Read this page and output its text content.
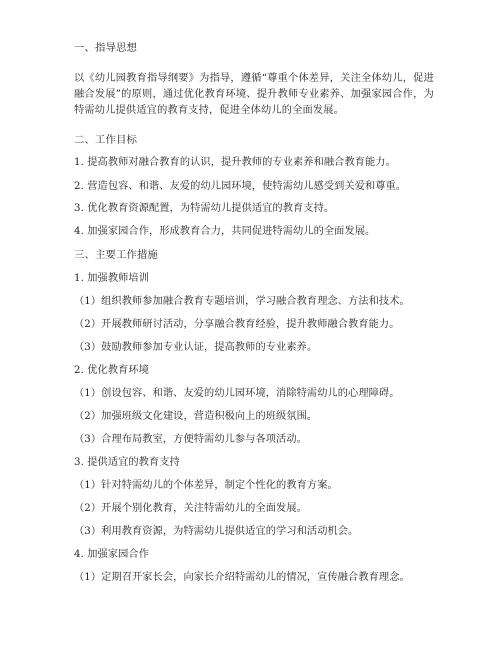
一、指导思想
以《幼儿园教育指导纲要》为指导，遵循“尊重个体差异，关注全体幼儿，促进融合发展”的原则，通过优化教育环境、提升教师专业素养、加强家园合作，为特需幼儿提供适宜的教育支持，促进全体幼儿的全面发展。
二、工作目标
1. 提高教师对融合教育的认识，提升教师的专业素养和融合教育能力。
2. 营造包容、和谐、友爱的幼儿园环境，使特需幼儿感受到关爱和尊重。
3. 优化教育资源配置，为特需幼儿提供适宜的教育支持。
4. 加强家园合作，形成教育合力，共同促进特需幼儿的全面发展。
三、主要工作措施
1. 加强教师培训
（1）组织教师参加融合教育专题培训，学习融合教育理念、方法和技术。
（2）开展教师研讨活动，分享融合教育经验，提升教师融合教育能力。
（3）鼓励教师参加专业认证，提高教师的专业素养。
2. 优化教育环境
（1）创设包容、和谐、友爱的幼儿园环境，消除特需幼儿的心理障碍。
（2）加强班级文化建设，营造积极向上的班级氛围。
（3）合理布局教室，方便特需幼儿参与各项活动。
3. 提供适宜的教育支持
（1）针对特需幼儿的个体差异，制定个性化的教育方案。
（2）开展个别化教育，关注特需幼儿的全面发展。
（3）利用教育资源，为特需幼儿提供适宜的学习和活动机会。
4. 加强家园合作
（1）定期召开家长会，向家长介绍特需幼儿的情况，宣传融合教育理念。
